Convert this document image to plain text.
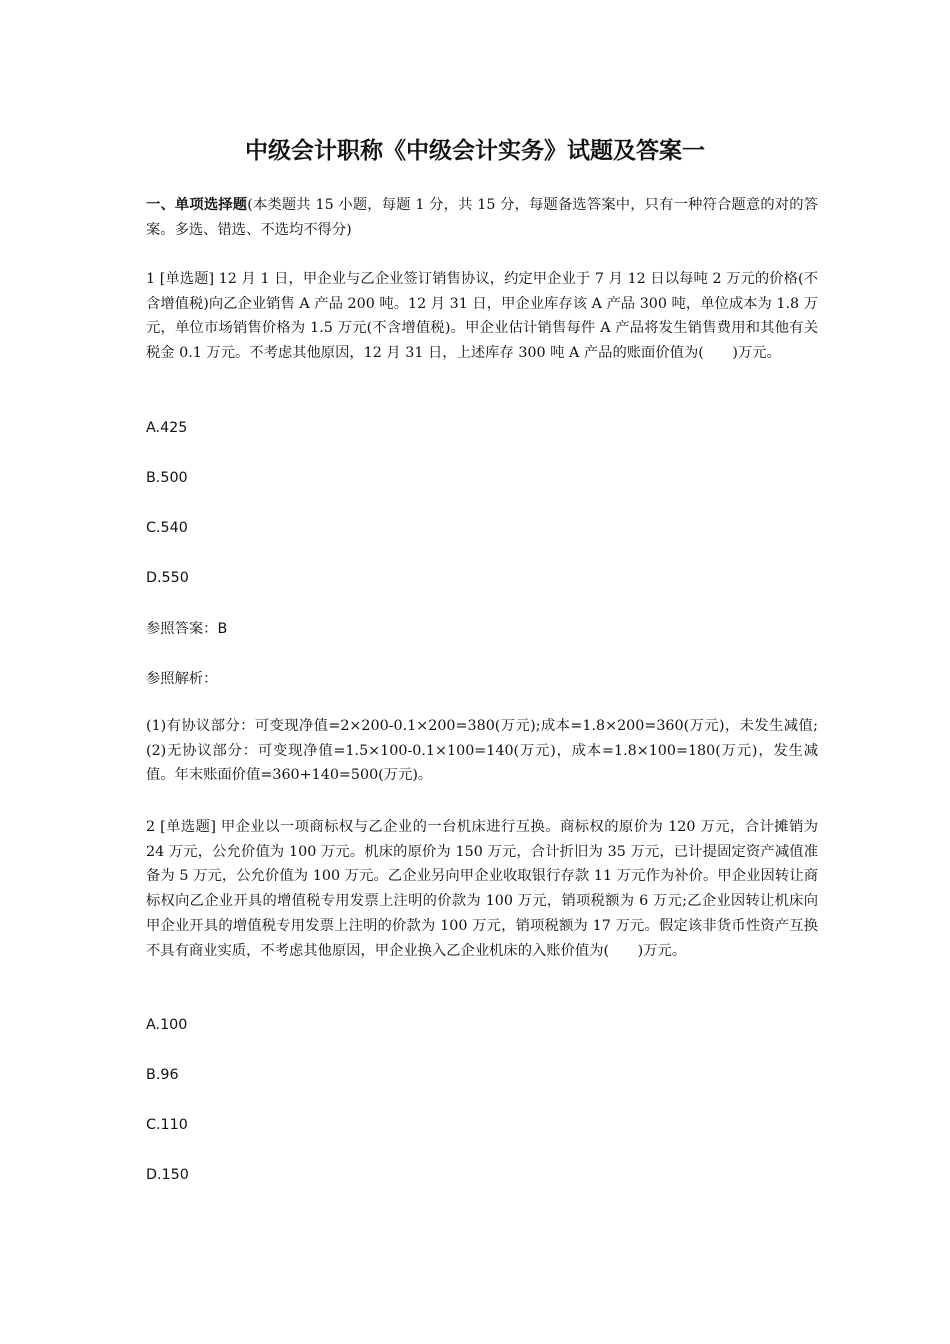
中级会计职称《中级会计实务》试题及答案一

一、单项选择题(本类题共 15 小题，每题 1 分，共 15 分，每题备选答案中，只有一种符合题意的对的答案。多选、错选、不选均不得分)

1 [单选题] 12 月 1 日，甲企业与乙企业签订销售协议，约定甲企业于 7 月 12 日以每吨 2 万元的价格(不含增值税)向乙企业销售 A 产品 200 吨。12 月 31 日，甲企业库存该 A 产品 300 吨，单位成本为 1.8 万元，单位市场销售价格为 1.5 万元(不含增值税)。甲企业估计销售每件 A 产品将发生销售费用和其他有关税金 0.1 万元。不考虑其他原因，12 月 31 日，上述库存 300 吨 A 产品的账面价值为(　　)万元。

A.425
B.500
C.540
D.550
参照答案：B
参照解析：

(1)有协议部分：可变现净值=2×200-0.1×200=380(万元);成本=1.8×200=360(万元)，未发生减值;(2)无协议部分：可变现净值=1.5×100-0.1×100=140(万元)，成本=1.8×100=180(万元)，发生减值。年末账面价值=360+140=500(万元)。

2 [单选题] 甲企业以一项商标权与乙企业的一台机床进行互换。商标权的原价为 120 万元，合计摊销为 24 万元，公允价值为 100 万元。机床的原价为 150 万元，合计折旧为 35 万元，已计提固定资产减值准备为 5 万元，公允价值为 100 万元。乙企业另向甲企业收取银行存款 11 万元作为补价。甲企业因转让商标权向乙企业开具的增值税专用发票上注明的价款为 100 万元，销项税额为 6 万元;乙企业因转让机床向甲企业开具的增值税专用发票上注明的价款为 100 万元，销项税额为 17 万元。假定该非货币性资产互换不具有商业实质，不考虑其他原因，甲企业换入乙企业机床的入账价值为(　　)万元。

A.100
B.96
C.110
D.150
